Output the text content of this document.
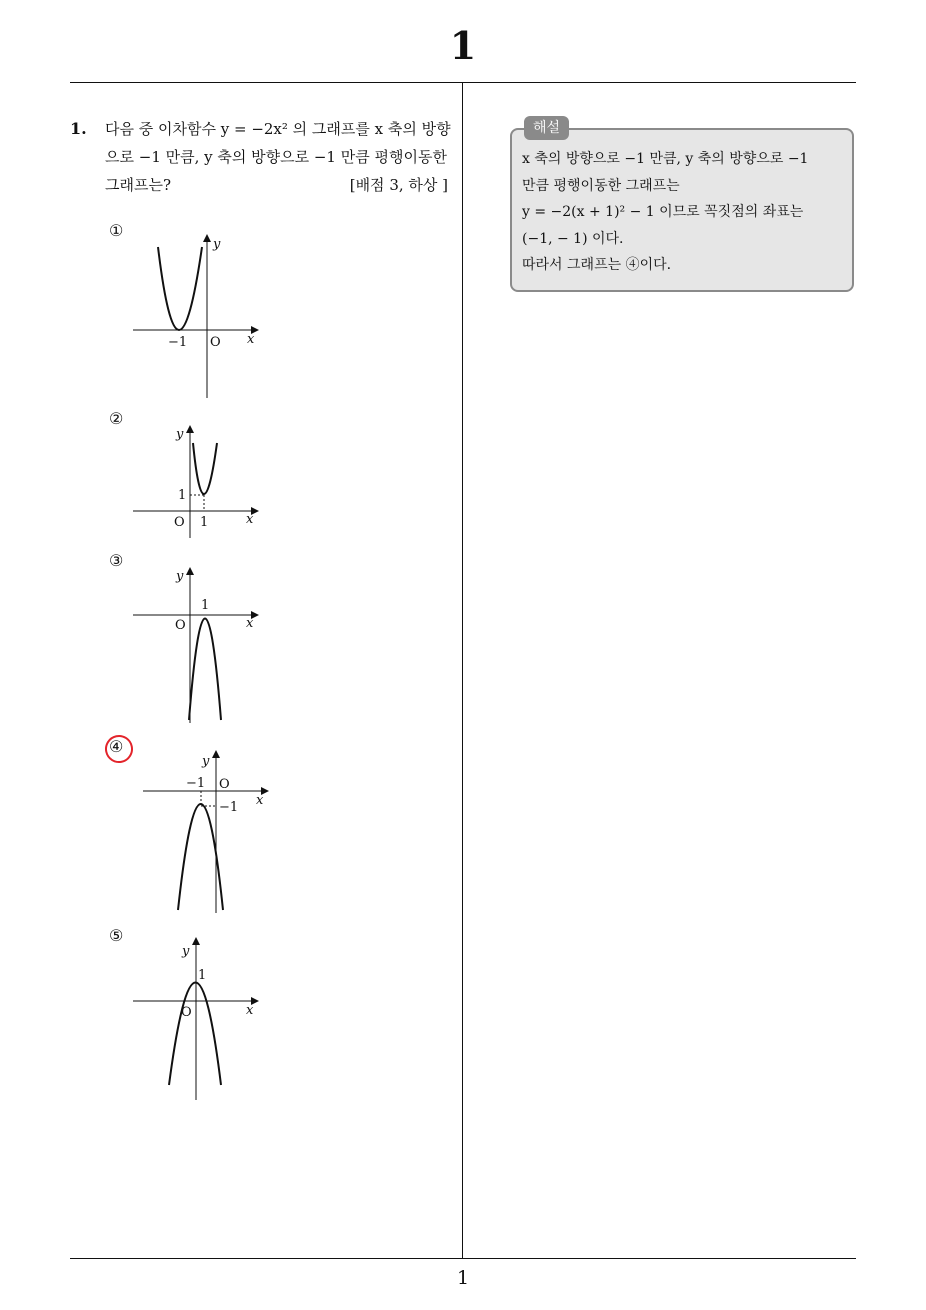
1
1
1. 다음 중 이차함수 y = −2x² 의 그래프를 x 축의 방향
으로 −1 만큼, y 축의 방향으로 −1 만큼 평행이동한
그래프는?	[배점 3, 하상 ]
①
y
x
O
−1
②
y
x
O 1
1
③
y
x
O
1
④
y
x
O
−1
−1
⑤
y
x
O
1
해설
x 축의 방향으로 −1 만큼, y 축의 방향으로 −1
만큼 평행이동한 그래프는
y = −2(x + 1)² − 1 이므로 꼭짓점의 좌표는
(−1, − 1) 이다.
따라서 그래프는 ④이다.
